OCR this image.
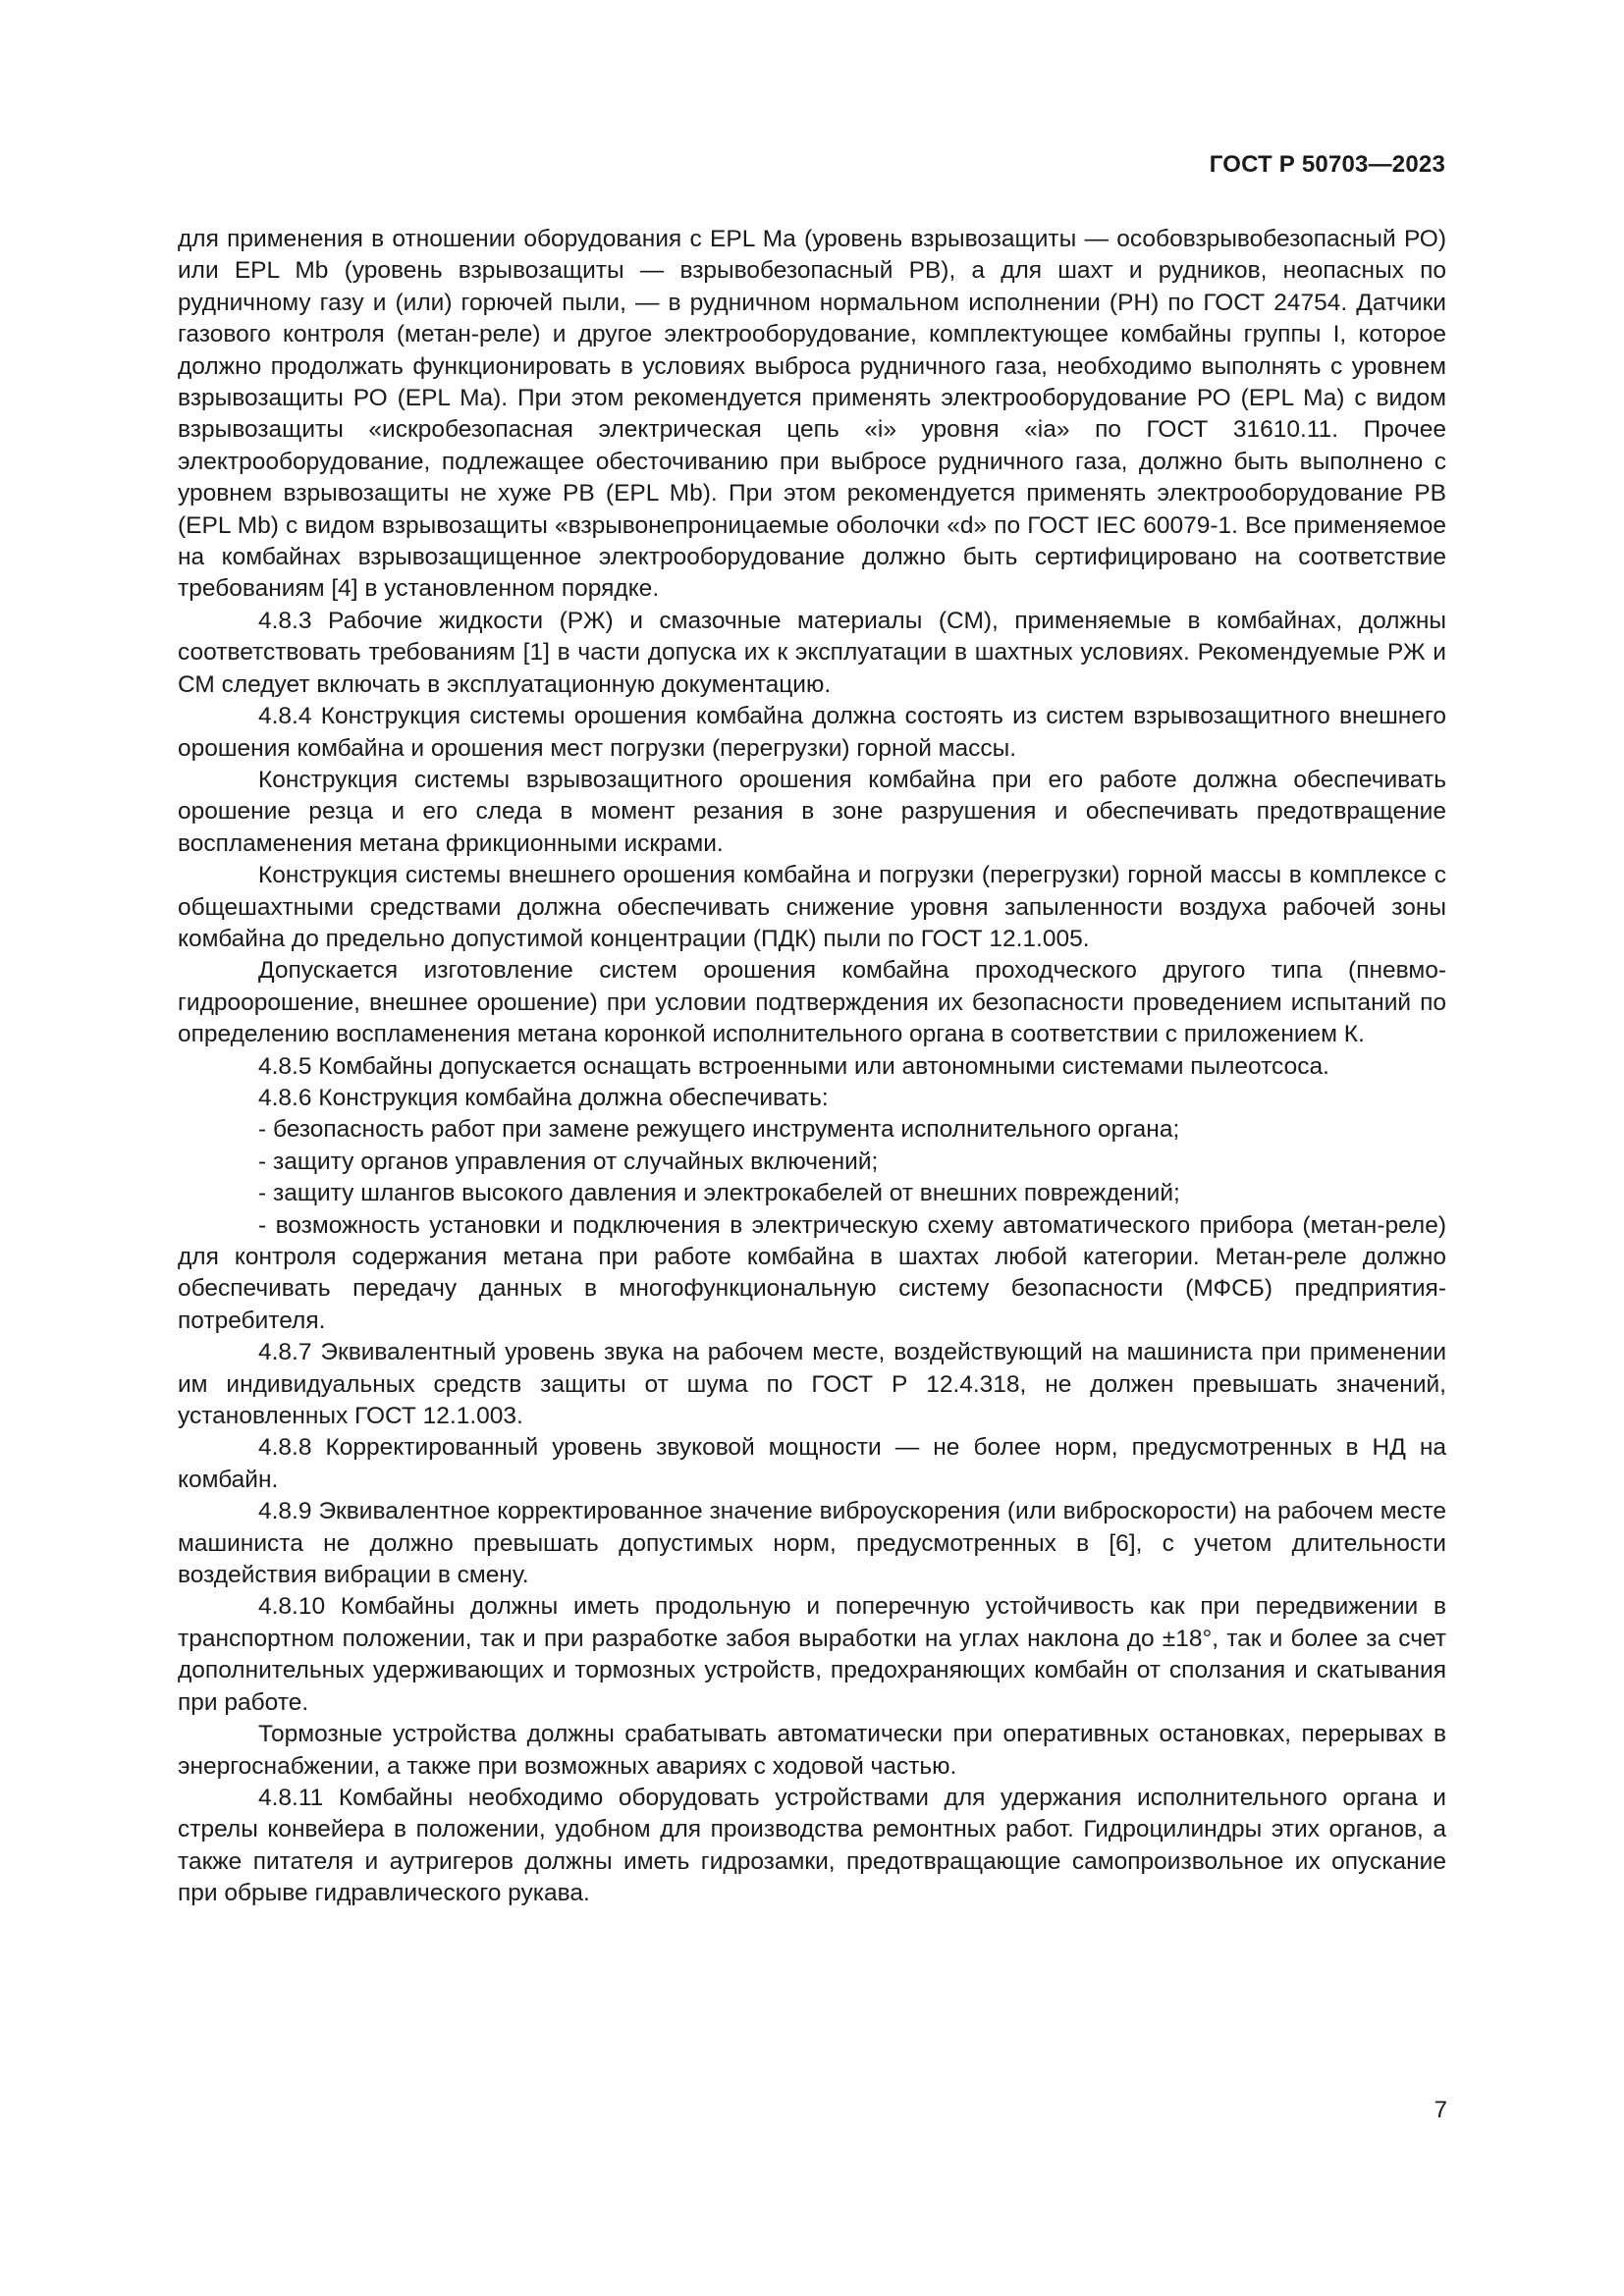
ГОСТ Р 50703—2023

для применения в отношении оборудования с EPL Ma (уровень взрывозащиты — особовзрывобезопасный РО) или EPL Mb (уровень взрывозащиты — взрывобезопасный РВ), а для шахт и рудников, неопасных по рудничному газу и (или) горючей пыли, — в рудничном нормальном исполнении (РН) по ГОСТ 24754. Датчики газового контроля (метан-реле) и другое электрооборудование, комплектующее комбайны группы I, которое должно продолжать функционировать в условиях выброса рудничного газа, необходимо выполнять с уровнем взрывозащиты РО (EPL Ma). При этом рекомендуется применять электрооборудование РО (EPL Ma) с видом взрывозащиты «искробезопасная электрическая цепь «i» уровня «ia» по ГОСТ 31610.11. Прочее электрооборудование, подлежащее обесточиванию при выбросе рудничного газа, должно быть выполнено с уровнем взрывозащиты не хуже РВ (EPL Mb). При этом рекомендуется применять электрооборудование РВ (EPL Mb) с видом взрывозащиты «взрывонепроницаемые оболочки «d» по ГОСТ IEC 60079-1. Все применяемое на комбайнах взрывозащищенное электрооборудование должно быть сертифицировано на соответствие требованиям [4] в установленном порядке.

4.8.3 Рабочие жидкости (РЖ) и смазочные материалы (СМ), применяемые в комбайнах, должны соответствовать требованиям [1] в части допуска их к эксплуатации в шахтных условиях. Рекомендуемые РЖ и СМ следует включать в эксплуатационную документацию.

4.8.4 Конструкция системы орошения комбайна должна состоять из систем взрывозащитного внешнего орошения комбайна и орошения мест погрузки (перегрузки) горной массы.

Конструкция системы взрывозащитного орошения комбайна при его работе должна обеспечивать орошение резца и его следа в момент резания в зоне разрушения и обеспечивать предотвращение воспламенения метана фрикционными искрами.

Конструкция системы внешнего орошения комбайна и погрузки (перегрузки) горной массы в комплексе с общешахтными средствами должна обеспечивать снижение уровня запыленности воздуха рабочей зоны комбайна до предельно допустимой концентрации (ПДК) пыли по ГОСТ 12.1.005.

Допускается изготовление систем орошения комбайна проходческого другого типа (пневмо-гидроорошение, внешнее орошение) при условии подтверждения их безопасности проведением испытаний по определению воспламенения метана коронкой исполнительного органа в соответствии с приложением К.

4.8.5 Комбайны допускается оснащать встроенными или автономными системами пылеотсоса.

4.8.6 Конструкция комбайна должна обеспечивать:

- безопасность работ при замене режущего инструмента исполнительного органа;

- защиту органов управления от случайных включений;

- защиту шлангов высокого давления и электрокабелей от внешних повреждений;

- возможность установки и подключения в электрическую схему автоматического прибора (метан-реле) для контроля содержания метана при работе комбайна в шахтах любой категории. Метан-реле должно обеспечивать передачу данных в многофункциональную систему безопасности (МФСБ) предприятия-потребителя.

4.8.7 Эквивалентный уровень звука на рабочем месте, воздействующий на машиниста при применении им индивидуальных средств защиты от шума по ГОСТ Р 12.4.318, не должен превышать значений, установленных ГОСТ 12.1.003.

4.8.8 Корректированный уровень звуковой мощности — не более норм, предусмотренных в НД на комбайн.

4.8.9 Эквивалентное корректированное значение виброускорения (или виброскорости) на рабочем месте машиниста не должно превышать допустимых норм, предусмотренных в [6], с учетом длительности воздействия вибрации в смену.

4.8.10 Комбайны должны иметь продольную и поперечную устойчивость как при передвижении в транспортном положении, так и при разработке забоя выработки на углах наклона до ±18°, так и более за счет дополнительных удерживающих и тормозных устройств, предохраняющих комбайн от сползания и скатывания при работе.

Тормозные устройства должны срабатывать автоматически при оперативных остановках, перерывах в энергоснабжении, а также при возможных авариях с ходовой частью.

4.8.11 Комбайны необходимо оборудовать устройствами для удержания исполнительного органа и стрелы конвейера в положении, удобном для производства ремонтных работ. Гидроцилиндры этих органов, а также питателя и аутригеров должны иметь гидрозамки, предотвращающие самопроизвольное их опускание при обрыве гидравлического рукава.

7
